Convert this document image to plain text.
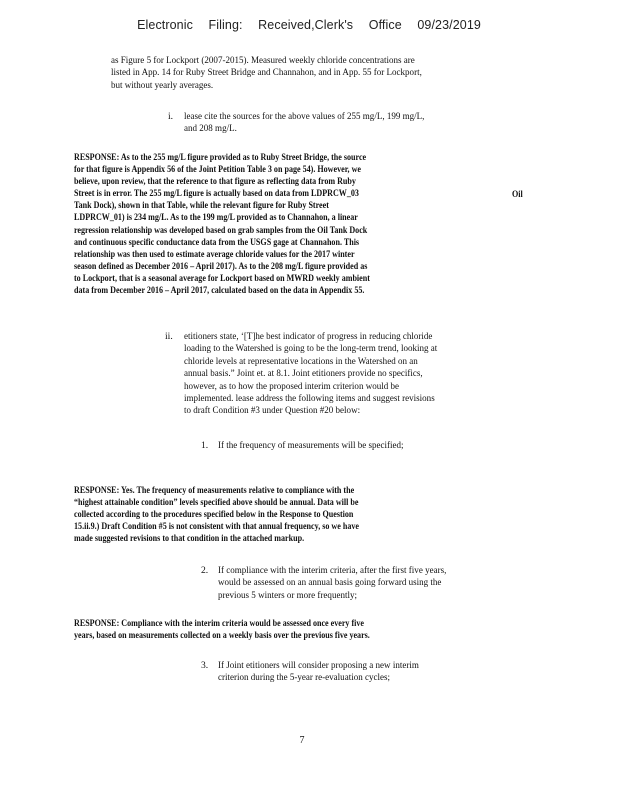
Electronic Filing: Received,Clerk's Office 09/23/2019

as Figure 5 for Lockport (2007-2015). Measured weekly chloride concentrations are

listed in App. 14 for Ruby Street Bridge and Channahon, and in App. 55 for Lockport,

but without yearly averages.

i. lease cite the sources for the above values of 255 mg/L, 199 mg/L,

and 208 mg/L.

RESPONSE: As to the 255 mg/L figure provided as to Ruby Street Bridge, the source

for that figure is Appendix 56 of the Joint Petition Table 3 on page 54). However, we

believe, upon review, that the reference to that figure as reflecting data from Ruby

Street is in error. The 255 mg/L figure is actually based on data from LDPRCW_03

Tank Dock), shown in that Table, while the relevant figure for Ruby Street

LDPRCW_01) is 234 mg/L. As to the 199 mg/L provided as to Channahon, a linear

regression relationship was developed based on grab samples from the Oil Tank Dock

and continuous specific conductance data from the USGS gage at Channahon. This

relationship was then used to estimate average chloride values for the 2017 winter

season defined as December 2016 – April 2017). As to the 208 mg/L figure provided as

to Lockport, that is a seasonal average for Lockport based on MWRD weekly ambient

data from December 2016 – April 2017, calculated based on the data in Appendix 55.

Oil
ii. etitioners state, ‘[T]he best indicator of progress in reducing chloride

loading to the Watershed is going to be the long-term trend, looking at

chloride levels at representative locations in the Watershed on an

annual basis.” Joint et. at 8.1. Joint etitioners provide no specifics,

however, as to how the proposed interim criterion would be

implemented. lease address the following items and suggest revisions

to draft Condition #3 under Question #20 below:

1. If the frequency of measurements will be specified;

RESPONSE: Yes. The frequency of measurements relative to compliance with the

“highest attainable condition” levels specified above should be annual. Data will be

collected according to the procedures specified below in the Response to Question

15.ii.9.) Draft Condition #5 is not consistent with that annual frequency, so we have

made suggested revisions to that condition in the attached markup.

2. If compliance with the interim criteria, after the first five years,

would be assessed on an annual basis going forward using the

previous 5 winters or more frequently;

RESPONSE: Compliance with the interim criteria would be assessed once every five

years, based on measurements collected on a weekly basis over the previous five years.

3. If Joint etitioners will consider proposing a new interim

criterion during the 5-year re-evaluation cycles;

7
